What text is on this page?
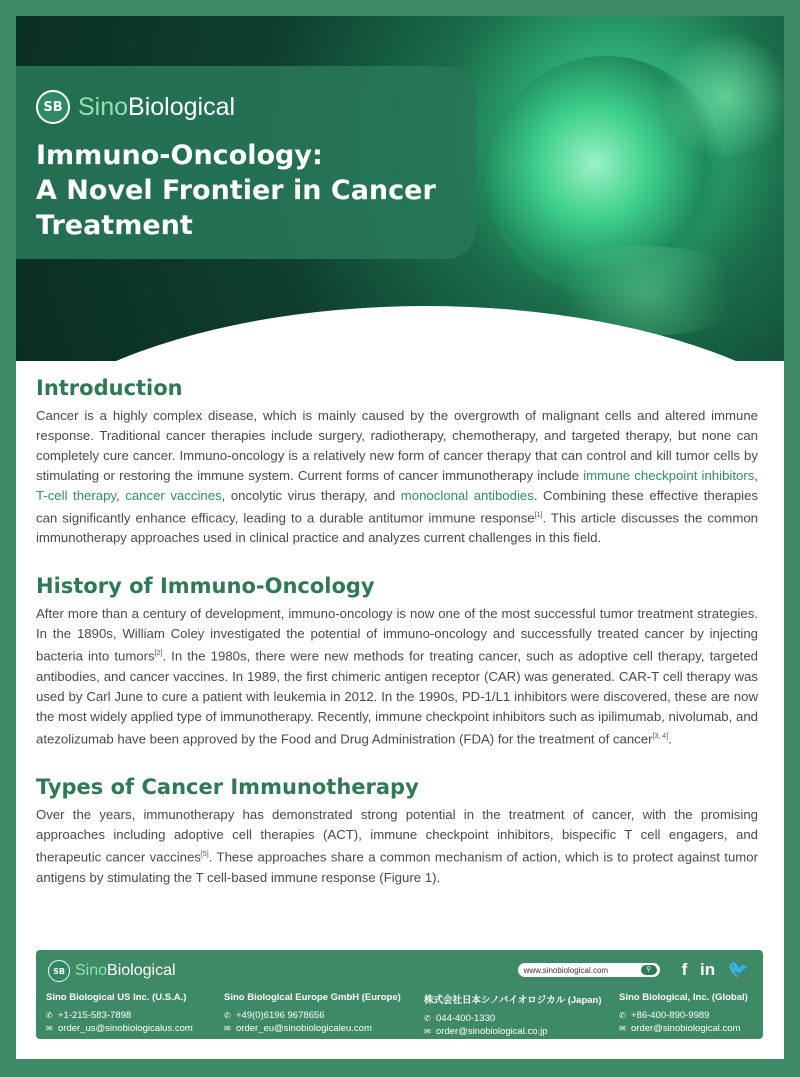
SB SinoBiological
Immuno-Oncology:
A Novel Frontier in Cancer
Treatment
Introduction

Cancer is a highly complex disease, which is mainly caused by the overgrowth of malignant cells and altered immune response. Traditional cancer therapies include surgery, radiotherapy, chemotherapy, and targeted therapy, but none can completely cure cancer. Immuno-oncology is a relatively new form of cancer therapy that can control and kill tumor cells by stimulating or restoring the immune system. Current forms of cancer immunotherapy include immune checkpoint inhibitors, T-cell therapy, cancer vaccines, oncolytic virus therapy, and monoclonal antibodies. Combining these effective therapies can significantly enhance efficacy, leading to a durable antitumor immune response[1]. This article discusses the common immunotherapy approaches used in clinical practice and analyzes current challenges in this field.

History of Immuno-Oncology

After more than a century of development, immuno-oncology is now one of the most successful tumor treatment strategies. In the 1890s, William Coley investigated the potential of immuno-oncology and successfully treated cancer by injecting bacteria into tumors[2]. In the 1980s, there were new methods for treating cancer, such as adoptive cell therapy, targeted antibodies, and cancer vaccines. In 1989, the first chimeric antigen receptor (CAR) was generated. CAR-T cell therapy was used by Carl June to cure a patient with leukemia in 2012. In the 1990s, PD-1/L1 inhibitors were discovered, these are now the most widely applied type of immunotherapy. Recently, immune checkpoint inhibitors such as ipilimumab, nivolumab, and atezolizumab have been approved by the Food and Drug Administration (FDA) for the treatment of cancer[3, 4].

Types of Cancer Immunotherapy

Over the years, immunotherapy has demonstrated strong potential in the treatment of cancer, with the promising approaches including adoptive cell therapies (ACT), immune checkpoint inhibitors, bispecific T cell engagers, and therapeutic cancer vaccines[5]. These approaches share a common mechanism of action, which is to protect against tumor antigens by stimulating the T cell-based immune response (Figure 1).

SB SinoBiological	www.sinobiological.com	⚲	f in 🐦
Sino Biological US Inc. (U.S.A.)
✆ +1-215-583-7898
✉ order_us@sinobiologicalus.com
Sino Biological Europe GmbH (Europe)
✆ +49(0)6196 9678656
✉ order_eu@sinobiologicaleu.com
株式会社日本シノバイオロジカル (Japan)
✆ 044-400-1330
✉ order@sinobiological.co.jp
Sino Biological, Inc. (Global)
✆ +86-400-890-9989
✉ order@sinobiological.com
